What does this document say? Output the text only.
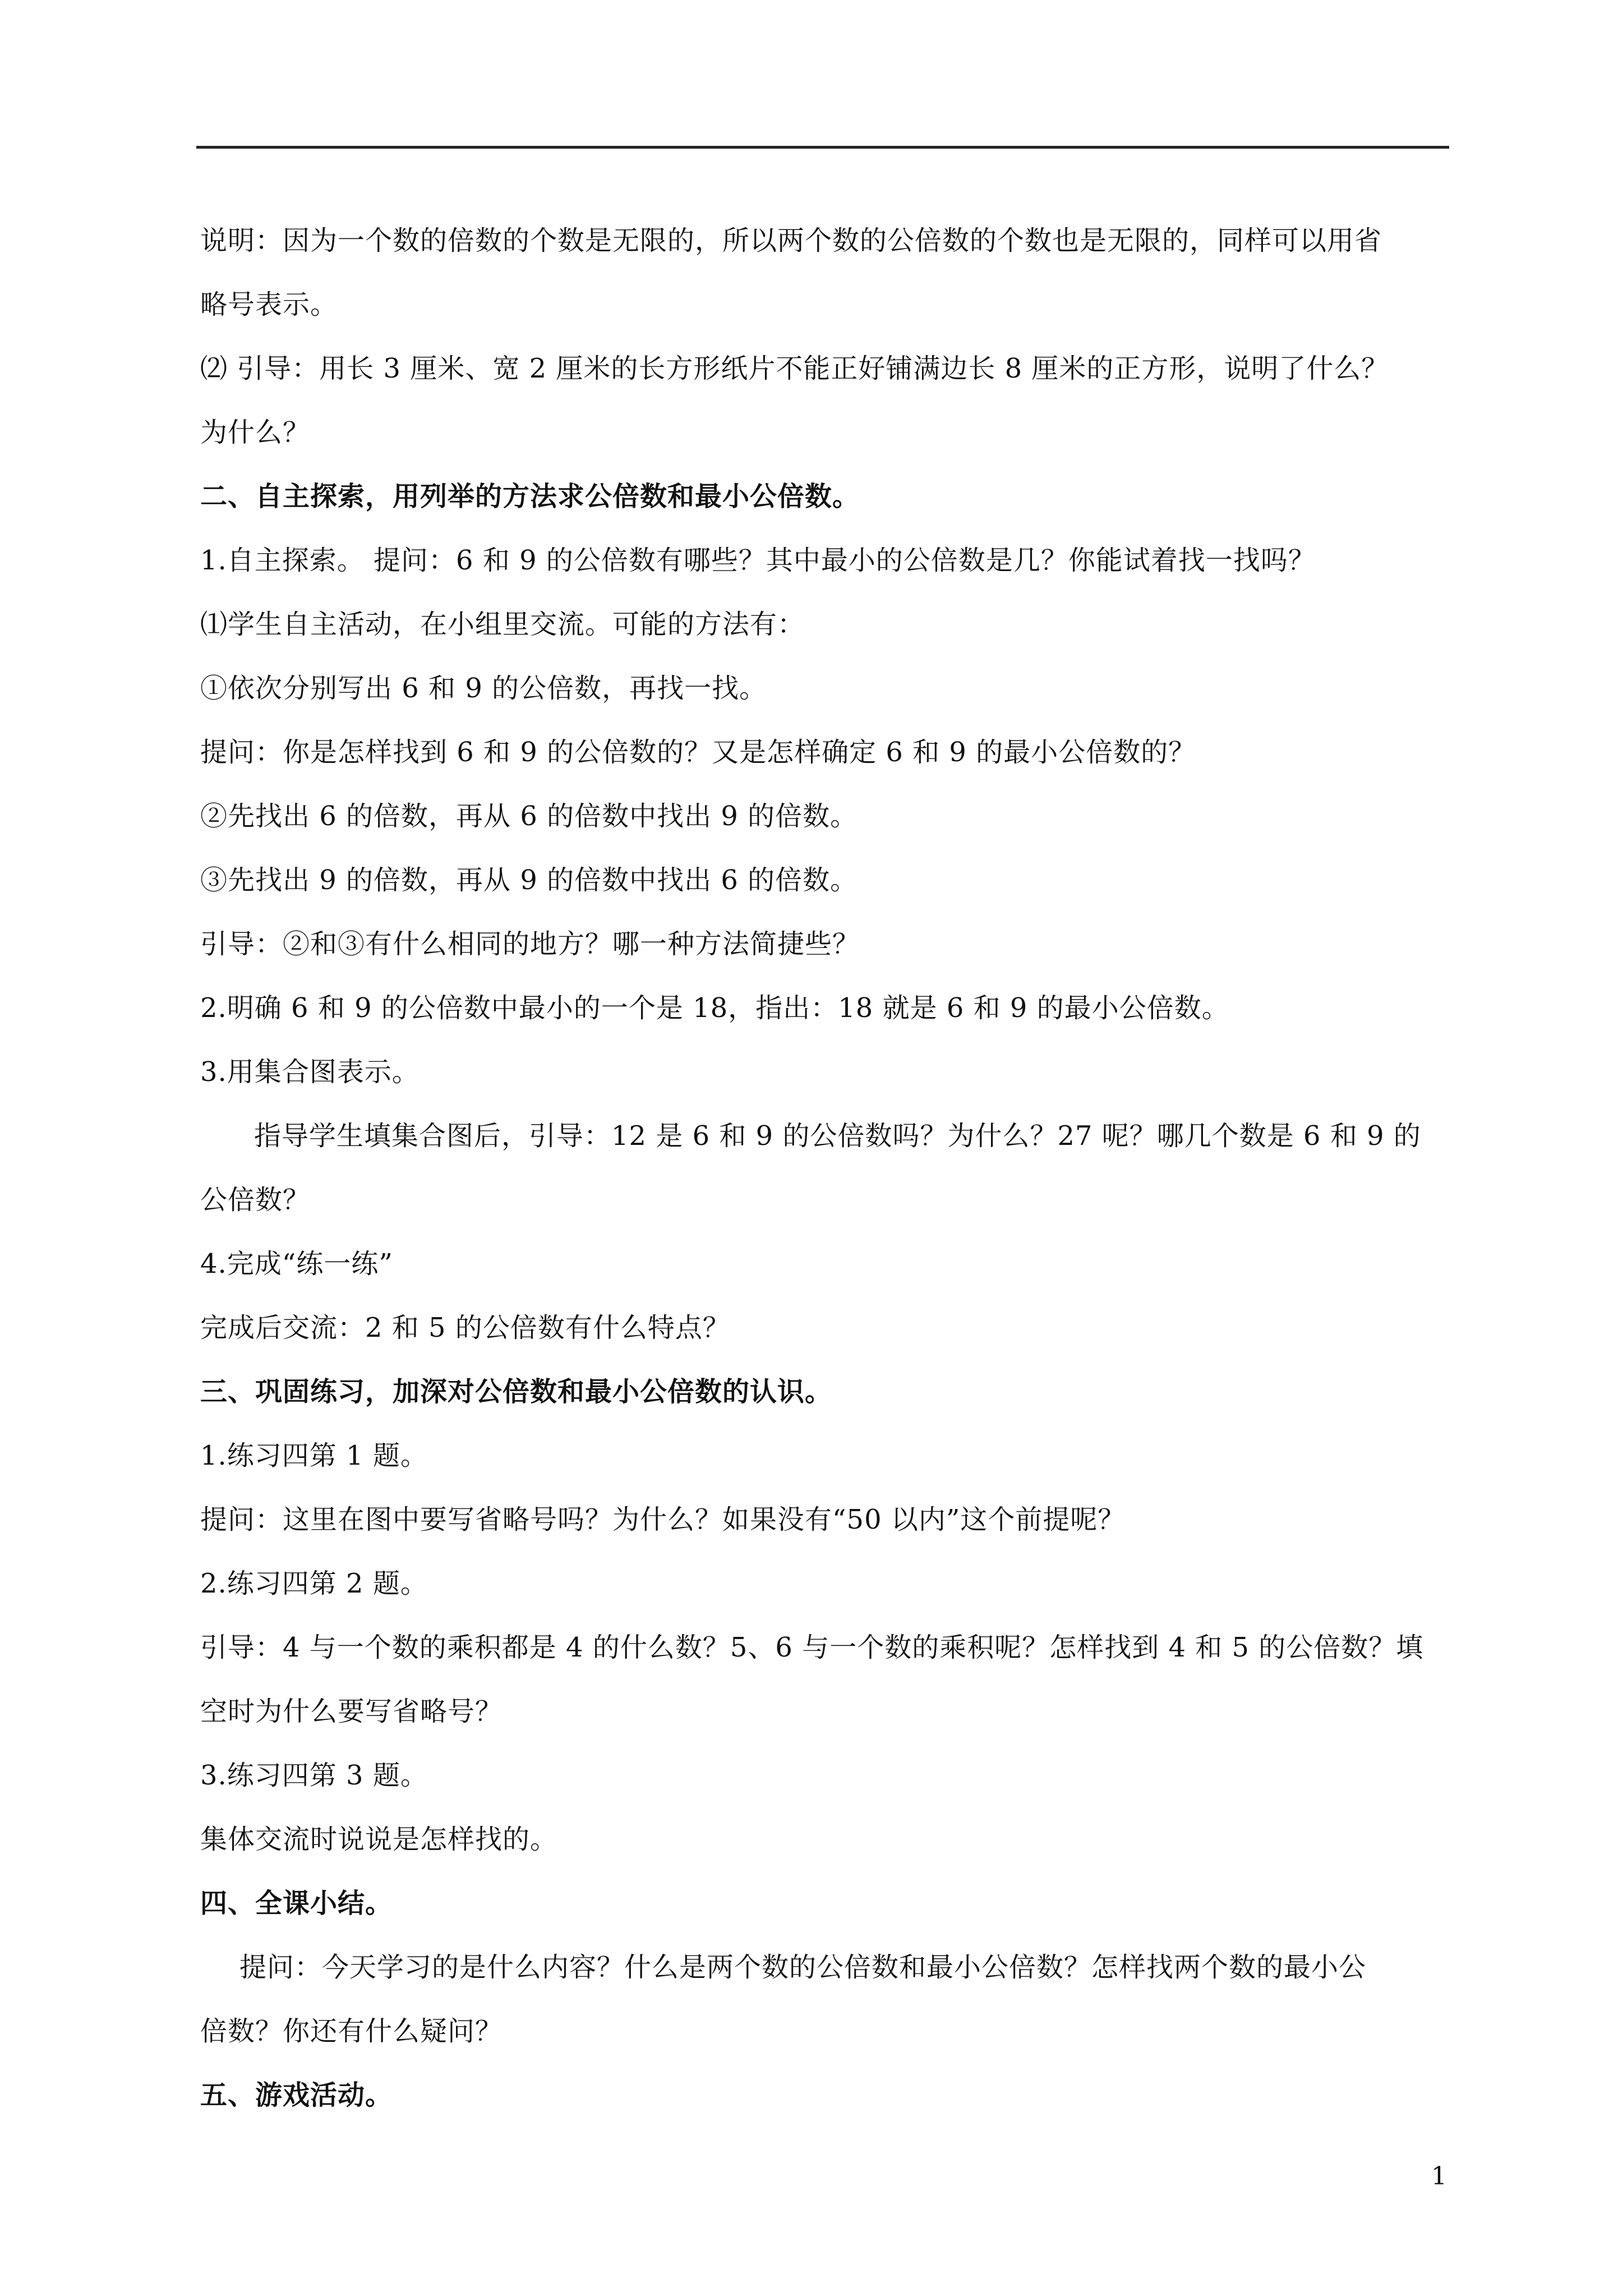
说明：因为一个数的倍数的个数是无限的，所以两个数的公倍数的个数也是无限的，同样可以用省
略号表示。
⑵ 引导：用长 3 厘米、宽 2 厘米的长方形纸片不能正好铺满边长 8 厘米的正方形，说明了什么？
为什么？
二、自主探索，用列举的方法求公倍数和最小公倍数。
1.自主探索。 提问：6 和 9 的公倍数有哪些？其中最小的公倍数是几？你能试着找一找吗？
⑴学生自主活动，在小组里交流。可能的方法有：
①依次分别写出 6 和 9 的公倍数，再找一找。
提问：你是怎样找到 6 和 9 的公倍数的？又是怎样确定 6 和 9 的最小公倍数的？
②先找出 6 的倍数，再从 6 的倍数中找出 9 的倍数。
③先找出 9 的倍数，再从 9 的倍数中找出 6 的倍数。
引导：②和③有什么相同的地方？哪一种方法简捷些？
2.明确 6 和 9 的公倍数中最小的一个是 18，指出：18 就是 6 和 9 的最小公倍数。
3.用集合图表示。
指导学生填集合图后，引导：12 是 6 和 9 的公倍数吗？为什么？27 呢？哪几个数是 6 和 9 的
公倍数？
4.完成“练一练”
完成后交流：2 和 5 的公倍数有什么特点？
三、巩固练习，加深对公倍数和最小公倍数的认识。
1.练习四第 1 题。
提问：这里在图中要写省略号吗？为什么？如果没有“50 以内”这个前提呢？
2.练习四第 2 题。
引导：4 与一个数的乘积都是 4 的什么数？5、6 与一个数的乘积呢？怎样找到 4 和 5 的公倍数？填
空时为什么要写省略号？
3.练习四第 3 题。
集体交流时说说是怎样找的。
四、全课小结。
提问：今天学习的是什么内容？什么是两个数的公倍数和最小公倍数？怎样找两个数的最小公
倍数？你还有什么疑问？
五、游戏活动。
1
